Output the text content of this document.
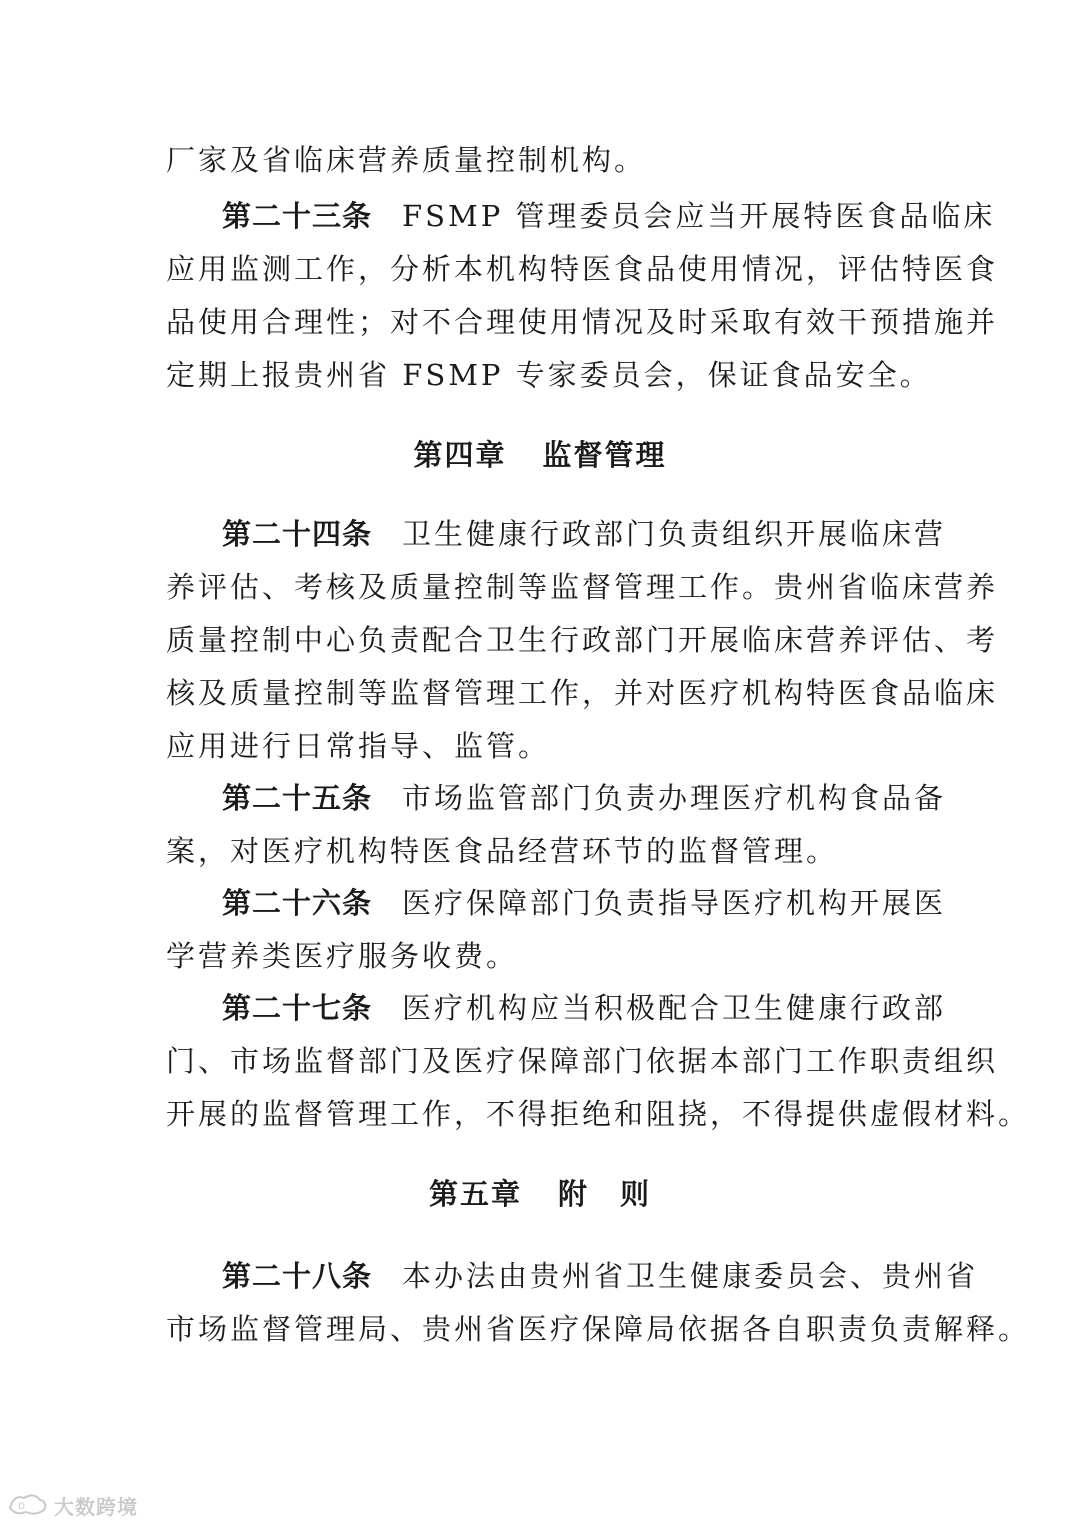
厂家及省临床营养质量控制机构。

第二十三条 FSMP 管理委员会应当开展特医食品临床
应用监测工作，分析本机构特医食品使用情况，评估特医食
品使用合理性；对不合理使用情况及时采取有效干预措施并
定期上报贵州省 FSMP 专家委员会，保证食品安全。

第四章 监督管理

第二十四条 卫生健康行政部门负责组织开展临床营
养评估、考核及质量控制等监督管理工作。贵州省临床营养
质量控制中心负责配合卫生行政部门开展临床营养评估、考
核及质量控制等监督管理工作，并对医疗机构特医食品临床
应用进行日常指导、监管。

第二十五条 市场监管部门负责办理医疗机构食品备
案，对医疗机构特医食品经营环节的监督管理。

第二十六条 医疗保障部门负责指导医疗机构开展医
学营养类医疗服务收费。

第二十七条 医疗机构应当积极配合卫生健康行政部
门、市场监督部门及医疗保障部门依据本部门工作职责组织
开展的监督管理工作，不得拒绝和阻挠，不得提供虚假材料。

第五章 附　则

第二十八条 本办法由贵州省卫生健康委员会、贵州省
市场监督管理局、贵州省医疗保障局依据各自职责负责解释。

D 大数跨境
